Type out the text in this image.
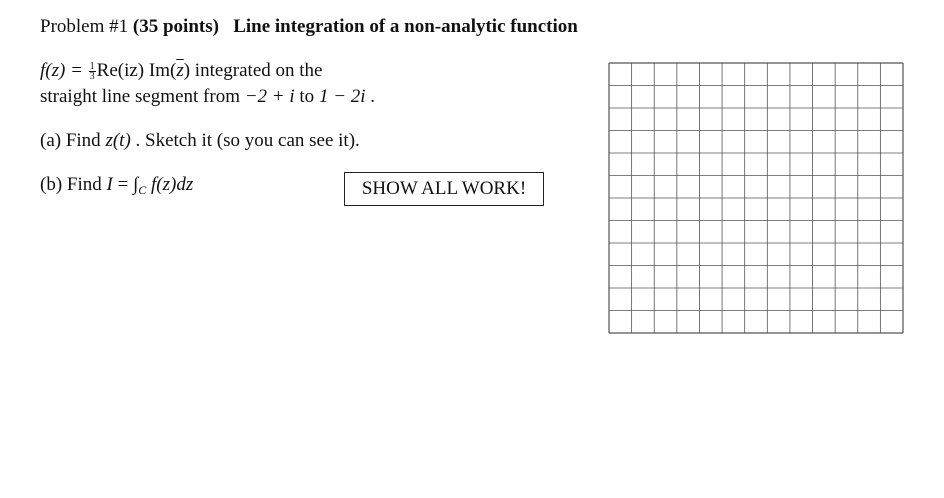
Problem #1 (35 points) Line integration of a non-analytic function
$f(z) = \frac{1}{3} Re(iz)$ $Im(\overline{z})$ integrated on the
straight line segment from −2 + i to 1 − 2i .
(a) Find z(t) . Sketch it (so you can see it).
(b) Find $I = \int_C$ f(z)dz	SHOW ALL WORK!
